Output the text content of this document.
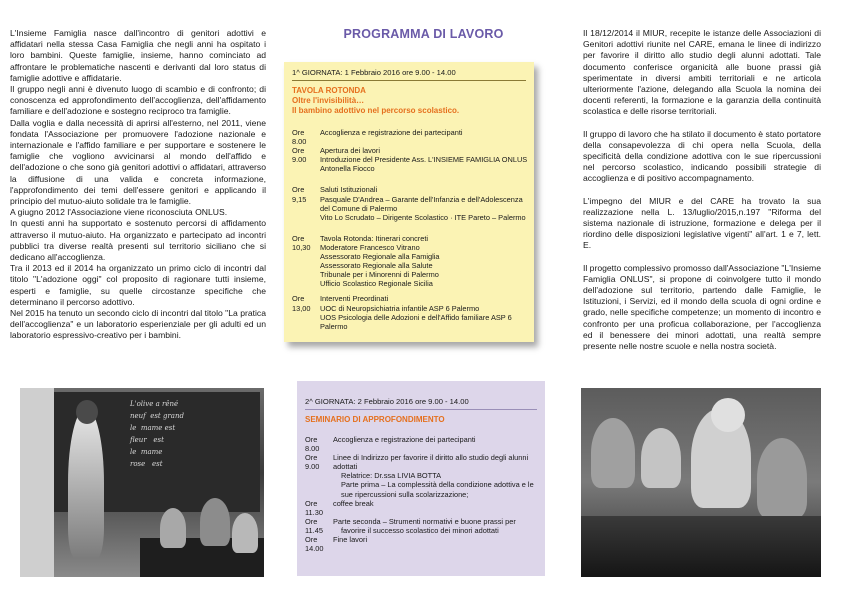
L'Insieme Famiglia nasce dall'incontro di genitori adottivi e affidatari nella stessa Casa Famiglia che negli anni ha ospitato i loro bambini. Queste famiglie, insieme, hanno cominciato ad affrontare le problematiche nascenti e derivanti dal loro status di famiglie adottive e affidatarie.

Il gruppo negli anni è divenuto luogo di scambio e di confronto; di conoscenza ed approfondimento dell'accoglienza, dell'affidamento familiare e dell'adozione e sostegno reciproco tra famiglie.

Dalla voglia e dalla necessità di aprirsi all'esterno, nel 2011, viene fondata l'Associazione per promuovere l'adozione nazionale e internazionale e l'affido familiare e per supportare e sostenere le famiglie che vogliono avvicinarsi al mondo dell'affido e dell'adozione o che sono già genitori adottivi o affidatari, attraverso la diffusione di una valida e concreta informazione, l'approfondimento dei temi dell'essere genitori e applicando il principio del mutuo-aiuto solidale tra le famiglie.

A giugno 2012 l'Associazione viene riconosciuta ONLUS.

In questi anni ha supportato e sostenuto percorsi di affidamento attraverso il mutuo-aiuto. Ha organizzato e partecipato ad incontri pubblici tra diverse realtà presenti sul territorio siciliano che si dedicano all'accoglienza.

Tra il 2013 ed il 2014 ha organizzato un primo ciclo di incontri dal titolo "L'adozione oggi" col proposito di ragionare tutti insieme, esperti e famiglie, su quelle circostanze specifiche che determinano il percorso adottivo.

Nel 2015 ha tenuto un secondo ciclo di incontri dal titolo "La pratica dell'accoglienza" e un laboratorio esperienziale per gli adulti ed un laboratorio espressivo-creativo per i bambini.

L'olive a rêné
neuf  est grand
le  mame est
fleur   est
le  mame
rose   est
PROGRAMMA DI LAVORO
1^ GIORNATA: 1 Febbraio 2016 ore 9.00 - 14.00
TAVOLA ROTONDA
Oltre l'invisibilità…
Il bambino adottivo nel percorso scolastico.
Ore 8.00
Accoglienza e registrazione dei partecipanti
Ore 9.00
Apertura dei lavori
Introduzione del Presidente Ass. L'INSIEME FAMIGLIA ONLUS
Antonella Fiocco
Ore 9,15
Saluti Istituzionali
Pasquale D'Andrea – Garante dell'Infanzia e dell'Adolescenza
del Comune di Palermo
Vito Lo Scrudato – Dirigente Scolastico · ITE Pareto – Palermo
Ore 10,30
Tavola Rotonda: Itinerari concreti
Moderatore Francesco Vitrano
Assessorato Regionale alla Famiglia
Assessorato Regionale alla Salute
Tribunale per i Minorenni di Palermo
Ufficio Scolastico Regionale Sicilia
Ore 13,00
Interventi Preordinati
UOC di Neuropsichiatria infantile ASP 6 Palermo
UOS Psicologia delle Adozioni e dell'Affido familiare ASP 6
Palermo
2^ GIORNATA: 2 Febbraio 2016 ore 9.00 - 14.00
SEMINARIO DI APPROFONDIMENTO
Ore 8.00
Accoglienza e registrazione dei partecipanti
Ore 9.00
Linee di Indirizzo per favorire il diritto allo studio degli alunni
adottati
Relatrice: Dr.ssa LIVIA BOTTA
Parte prima – La complessità della condizione adottiva e le
sue ripercussioni sulla scolarizzazione;
Ore 11.30
coffee break
Ore 11.45
Parte seconda – Strumenti normativi e buone prassi per
favorire il successo scolastico dei minori adottati
Ore 14.00
Fine lavori

Il 18/12/2014 il MIUR, recepite le istanze delle Associazioni di Genitori adottivi riunite nel CARE, emana le linee di indirizzo per favorire il diritto allo studio degli alunni adottati. Tale documento conferisce organicità alle buone prassi già sperimentate in diversi ambiti territoriali e ne articola ulteriormente l'azione, delegando alla Scuola la nomina dei docenti referenti, la formazione e la garanzia della continuità scolastica e delle risorse territoriali.

Il gruppo di lavoro che ha stilato il documento è stato portatore della consapevolezza di chi opera nella Scuola, della specificità della condizione adottiva con le sue ripercussioni nel percorso scolastico, indicando possibili strategie di accoglienza e di positivo accompagnamento.

L'impegno del MIUR e del CARE ha trovato la sua realizzazione nella L. 13/luglio/2015,n.197 "Riforma del sistema nazionale di istruzione, formazione e delega per il riordino delle disposizioni legislative vigenti" all'art. 1 e 7, lett. E.

Il progetto complessivo promosso dall'Associazione "L'Insieme Famiglia ONLUS", si propone di coinvolgere tutto il mondo dell'adozione sul territorio, partendo dalle Famiglie, le Istituzioni, i Servizi, ed il mondo della scuola di ogni ordine e grado, nelle specifiche competenze; un momento di incontro e confronto per una proficua collaborazione, per l'accoglienza ed il benessere dei minori adottati, una realtà sempre presente nelle nostre scuole e nella nostra società.
